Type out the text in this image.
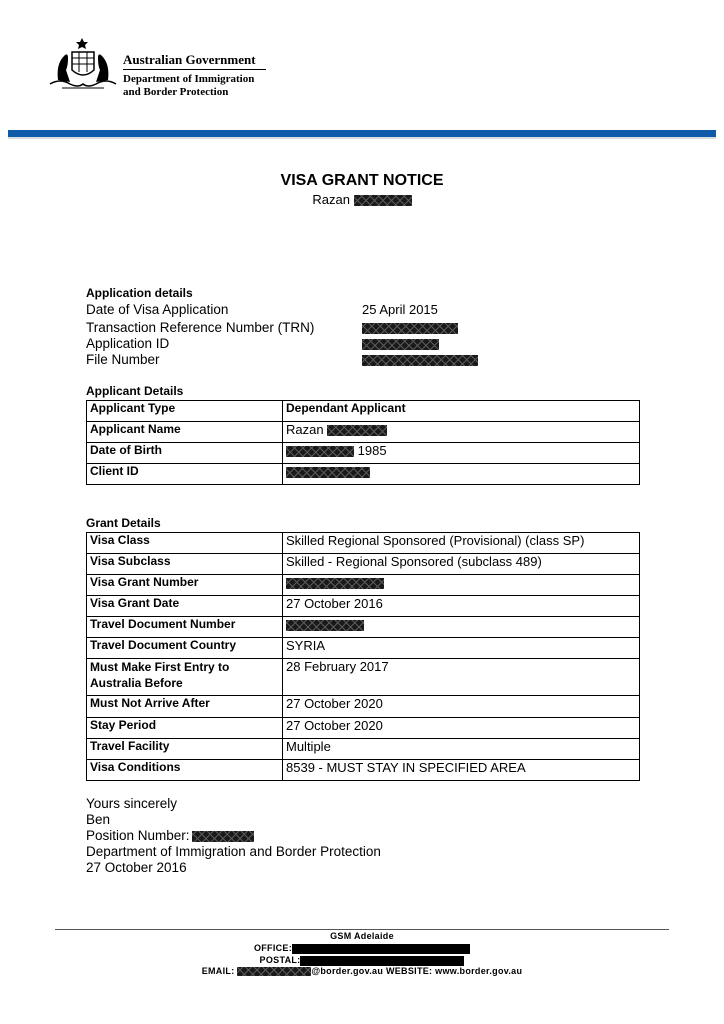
Australian Government
Department of Immigration
and Border Protection
VISA GRANT NOTICE
Razan
Application details
Date of Visa Application	25 April 2015
Transaction Reference Number (TRN)
Application ID
File Number
Applicant Details
Applicant Type	Dependant Applicant
Applicant Name	Razan
Date of Birth	1985
Client ID	
Grant Details
Visa Class	Skilled Regional Sponsored (Provisional) (class SP)
Visa Subclass	Skilled - Regional Sponsored (subclass 489)
Visa Grant Number	
Visa Grant Date	27 October 2016
Travel Document Number	
Travel Document Country	SYRIA
Must Make First Entry to Australia Before	28 February 2017
Must Not Arrive After	27 October 2020
Stay Period	27 October 2020
Travel Facility	Multiple
Visa Conditions	8539 - MUST STAY IN SPECIFIED AREA
Yours sincerely
Ben
Position Number:
Department of Immigration and Border Protection
27 October 2016
GSM Adelaide
OFFICE:
POSTAL:
EMAIL:	@border.gov.au WEBSITE: www.border.gov.au
